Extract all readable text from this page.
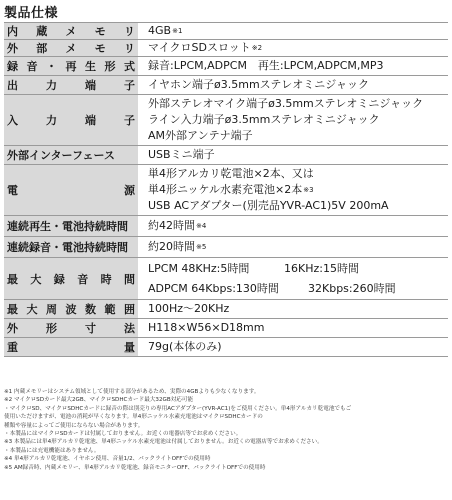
製品仕様
内蔵メモリ	4GB$^{※1}$

外部メモリ	マイクロSDスロット$^{※2}$

録音・再生形式	録音:LPCM,ADPCM　再生:LPCM,ADPCM,MP3

出力端子	イヤホン端子ø3.5mmステレオミニジャック

入力端子	外部ステレオマイク端子ø3.5mmステレオミニジャック
ライン入力端子ø3.5mmステレオミニジャック
AM外部アンテナ端子

外部インターフェース	USBミニ端子

電源	単4形アルカリ乾電池×2本、又は
単4形ニッケル水素充電池×2本$^{※3}$
USB ACアダプター(別売品YVR-AC1)5V 200mA

連続再生・電池持続時間	約42時間$^{※4}$

連続録音・電池持続時間	約20時間$^{※5}$

最大録音時間	LPCM 48KHz:5時間 16KHz:15時間
ADPCM 64Kbps:130時間 32Kbps:260時間

最大周波数範囲	100Hz〜20KHz

外形寸法	H118×W56×D18mm

重量	79g(本体のみ)
※1 内蔵メモリーはシステム領域として使用する部分があるため、実際の4GBよりも少なくなります。
※2 マイクロSDカード最大2GB、マイクロSDHCカード最大32GB対応可能
・マイクロSD、マイクロSDHCカードに録音の際は別売りの専用ACアダプター(YVR-AC1)をご使用ください。単4形アルカリ乾電池でもご
使用いただけますが、電池の消耗が早くなります。単4形ニッケル水素充電池はマイクロSDHCカードの
種類や容量によってご使用にならない場合があります。
・本製品にはマイクロSDカードは付属しておりません。お近くの電器店等でお求めください。
※3 本製品には単4形アルカリ乾電池、単4形ニッケル水素充電池は付属しておりません。お近くの電器店等でお求めください。
・本製品には充電機能はありません。
※4 単4形アルカリ乾電池、イヤホン使用、音量1/2、バックライトOFFでの使用時
※5 AM録音時、内蔵メモリー、単4形アルカリ乾電池、録音モニターOFF、バックライトOFFでの使用時
